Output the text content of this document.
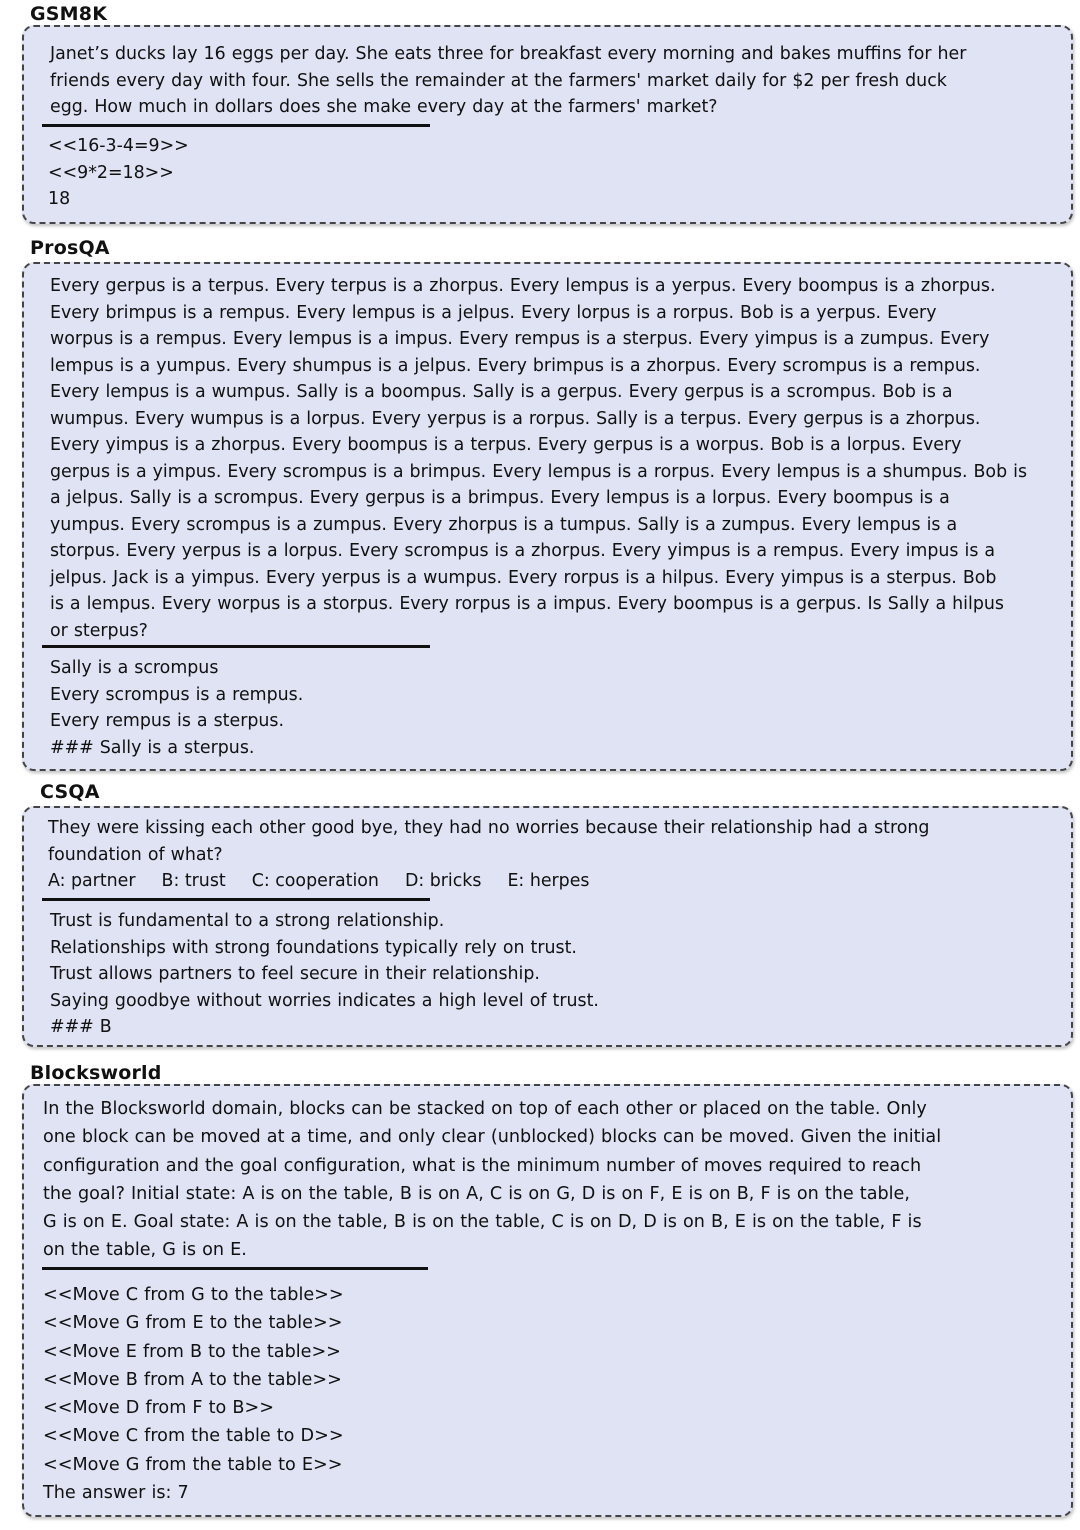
GSM8K
Janet’s ducks lay 16 eggs per day. She eats three for breakfast every morning and bakes muffins for her
friends every day with four. She sells the remainder at the farmers' market daily for $2 per fresh duck
egg. How much in dollars does she make every day at the farmers' market?
<<16-3-4=9>>
<<9*2=18>>
18
ProsQA
Every gerpus is a terpus. Every terpus is a zhorpus. Every lempus is a yerpus. Every boompus is a zhorpus.
Every brimpus is a rempus. Every lempus is a jelpus. Every lorpus is a rorpus. Bob is a yerpus. Every
worpus is a rempus. Every lempus is a impus. Every rempus is a sterpus. Every yimpus is a zumpus. Every
lempus is a yumpus. Every shumpus is a jelpus. Every brimpus is a zhorpus. Every scrompus is a rempus.
Every lempus is a wumpus. Sally is a boompus. Sally is a gerpus. Every gerpus is a scrompus. Bob is a
wumpus. Every wumpus is a lorpus. Every yerpus is a rorpus. Sally is a terpus. Every gerpus is a zhorpus.
Every yimpus is a zhorpus. Every boompus is a terpus. Every gerpus is a worpus. Bob is a lorpus. Every
gerpus is a yimpus. Every scrompus is a brimpus. Every lempus is a rorpus. Every lempus is a shumpus. Bob is
a jelpus. Sally is a scrompus. Every gerpus is a brimpus. Every lempus is a lorpus. Every boompus is a
yumpus. Every scrompus is a zumpus. Every zhorpus is a tumpus. Sally is a zumpus. Every lempus is a
storpus. Every yerpus is a lorpus. Every scrompus is a zhorpus. Every yimpus is a rempus. Every impus is a
jelpus. Jack is a yimpus. Every yerpus is a wumpus. Every rorpus is a hilpus. Every yimpus is a sterpus. Bob
is a lempus. Every worpus is a storpus. Every rorpus is a impus. Every boompus is a gerpus. Is Sally a hilpus
or sterpus?
Sally is a scrompus
Every scrompus is a rempus.
Every rempus is a sterpus.
### Sally is a sterpus.
CSQA
They were kissing each other good bye, they had no worries because their relationship had a strong
foundation of what?
A: partner B: trust C: cooperation D: bricks E: herpes
Trust is fundamental to a strong relationship.
Relationships with strong foundations typically rely on trust.
Trust allows partners to feel secure in their relationship.
Saying goodbye without worries indicates a high level of trust.
### B
Blocksworld
In the Blocksworld domain, blocks can be stacked on top of each other or placed on the table. Only
one block can be moved at a time, and only clear (unblocked) blocks can be moved. Given the initial
configuration and the goal configuration, what is the minimum number of moves required to reach
the goal? Initial state: A is on the table, B is on A, C is on G, D is on F, E is on B, F is on the table,
G is on E. Goal state: A is on the table, B is on the table, C is on D, D is on B, E is on the table, F is
on the table, G is on E.
<<Move C from G to the table>>
<<Move G from E to the table>>
<<Move E from B to the table>>
<<Move B from A to the table>>
<<Move D from F to B>>
<<Move C from the table to D>>
<<Move G from the table to E>>
The answer is: 7
